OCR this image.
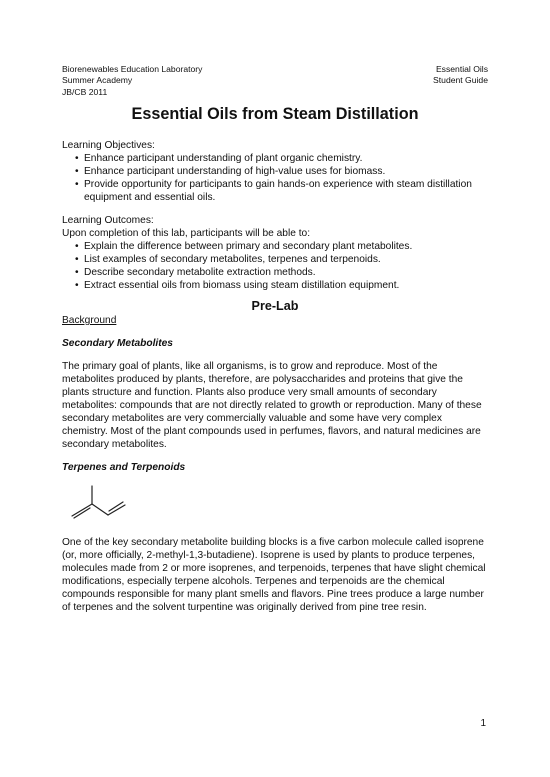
Biorenewables Education Laboratory	Essential Oils
Summer Academy	Student Guide
JB/CB 2011
Essential Oils from Steam Distillation

Learning Objectives:

• Enhance participant understanding of plant organic chemistry.
• Enhance participant understanding of high-value uses for biomass.
• Provide opportunity for participants to gain hands-on experience with steam distillation equipment and essential oils.

Learning Outcomes:

Upon completion of this lab, participants will be able to:

• Explain the difference between primary and secondary plant metabolites.
• List examples of secondary metabolites, terpenes and terpenoids.
• Describe secondary metabolite extraction methods.
• Extract essential oils from biomass using steam distillation equipment.
Pre-Lab

Background

Secondary Metabolites

The primary goal of plants, like all organisms, is to grow and reproduce. Most of the metabolites produced by plants, therefore, are polysaccharides and proteins that give the plants structure and function. Plants also produce very small amounts of secondary metabolites: compounds that are not directly related to growth or reproduction. Many of these secondary metabolites are very commercially valuable and some have very complex chemistry. Most of the plant compounds used in perfumes, flavors, and natural medicines are secondary metabolites.

Terpenes and Terpenoids

One of the key secondary metabolite building blocks is a five carbon molecule called isoprene (or, more officially, 2-methyl-1,3-butadiene). Isoprene is used by plants to produce terpenes, molecules made from 2 or more isoprenes, and terpenoids, terpenes that have slight chemical modifications, especially terpene alcohols. Terpenes and terpenoids are the chemical compounds responsible for many plant smells and flavors. Pine trees produce a large number of terpenes and the solvent turpentine was originally derived from pine tree resin.

1
